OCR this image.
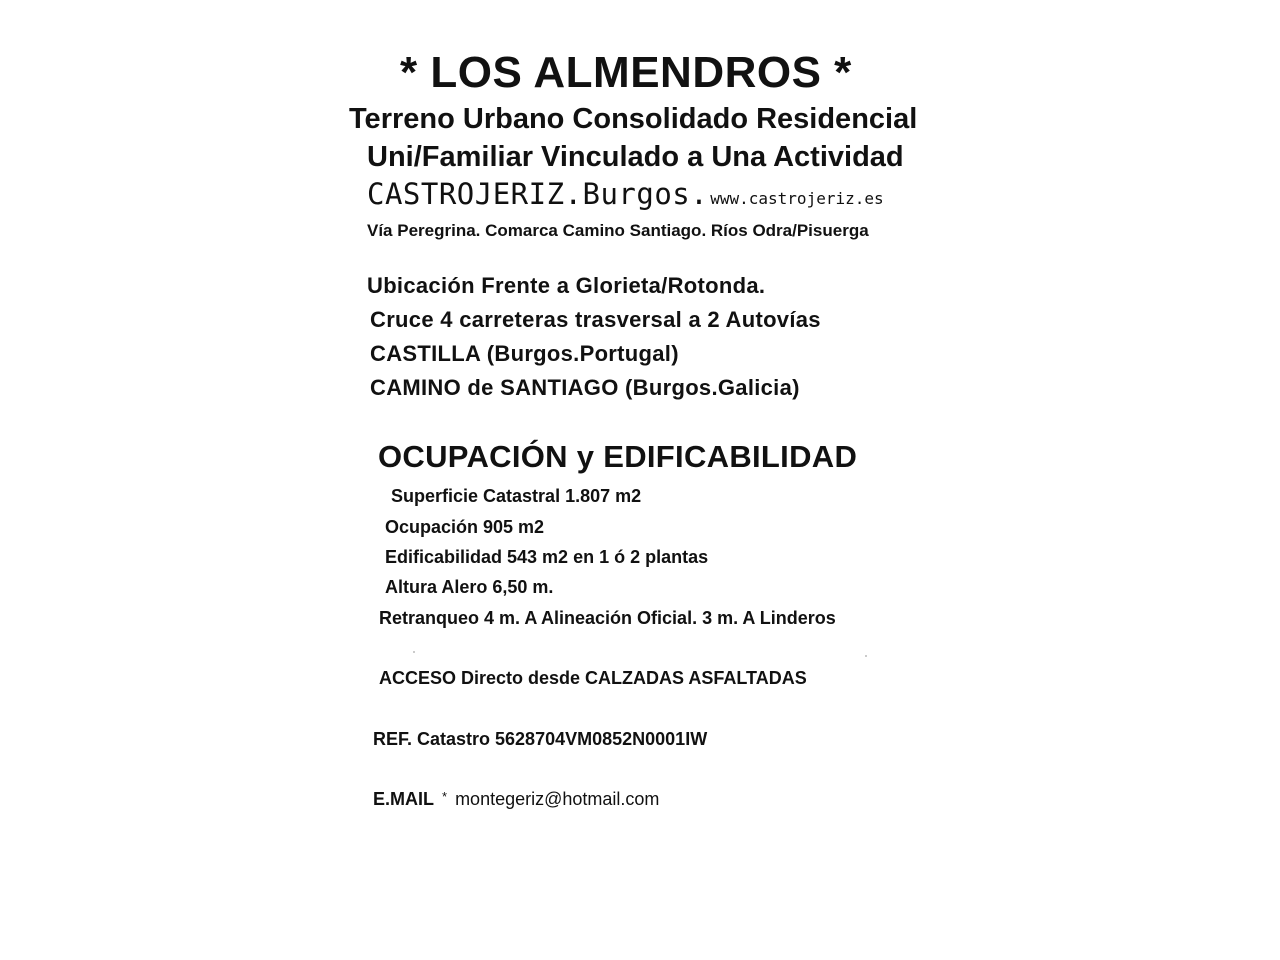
* LOS ALMENDROS *
Terreno Urbano Consolidado Residencial
Uni/Familiar Vinculado a Una Actividad
CASTROJERIZ.Burgos. www.castrojeriz.es
Vía Peregrina. Comarca Camino Santiago. Ríos Odra/Pisuerga
Ubicación Frente a Glorieta/Rotonda.
Cruce 4 carreteras trasversal a 2 Autovías
CASTILLA (Burgos.Portugal)
CAMINO de SANTIAGO (Burgos.Galicia)
OCUPACIÓN y EDIFICABILIDAD
Superficie Catastral 1.807 m2
Ocupación 905 m2
Edificabilidad 543 m2 en 1 ó 2 plantas
Altura Alero 6,50 m.
Retranqueo 4 m. A Alineación Oficial. 3 m. A Linderos
ACCESO Directo desde CALZADAS ASFALTADAS
REF. Catastro 5628704VM0852N0001IW
E.MAIL * montegeriz@hotmail.com
